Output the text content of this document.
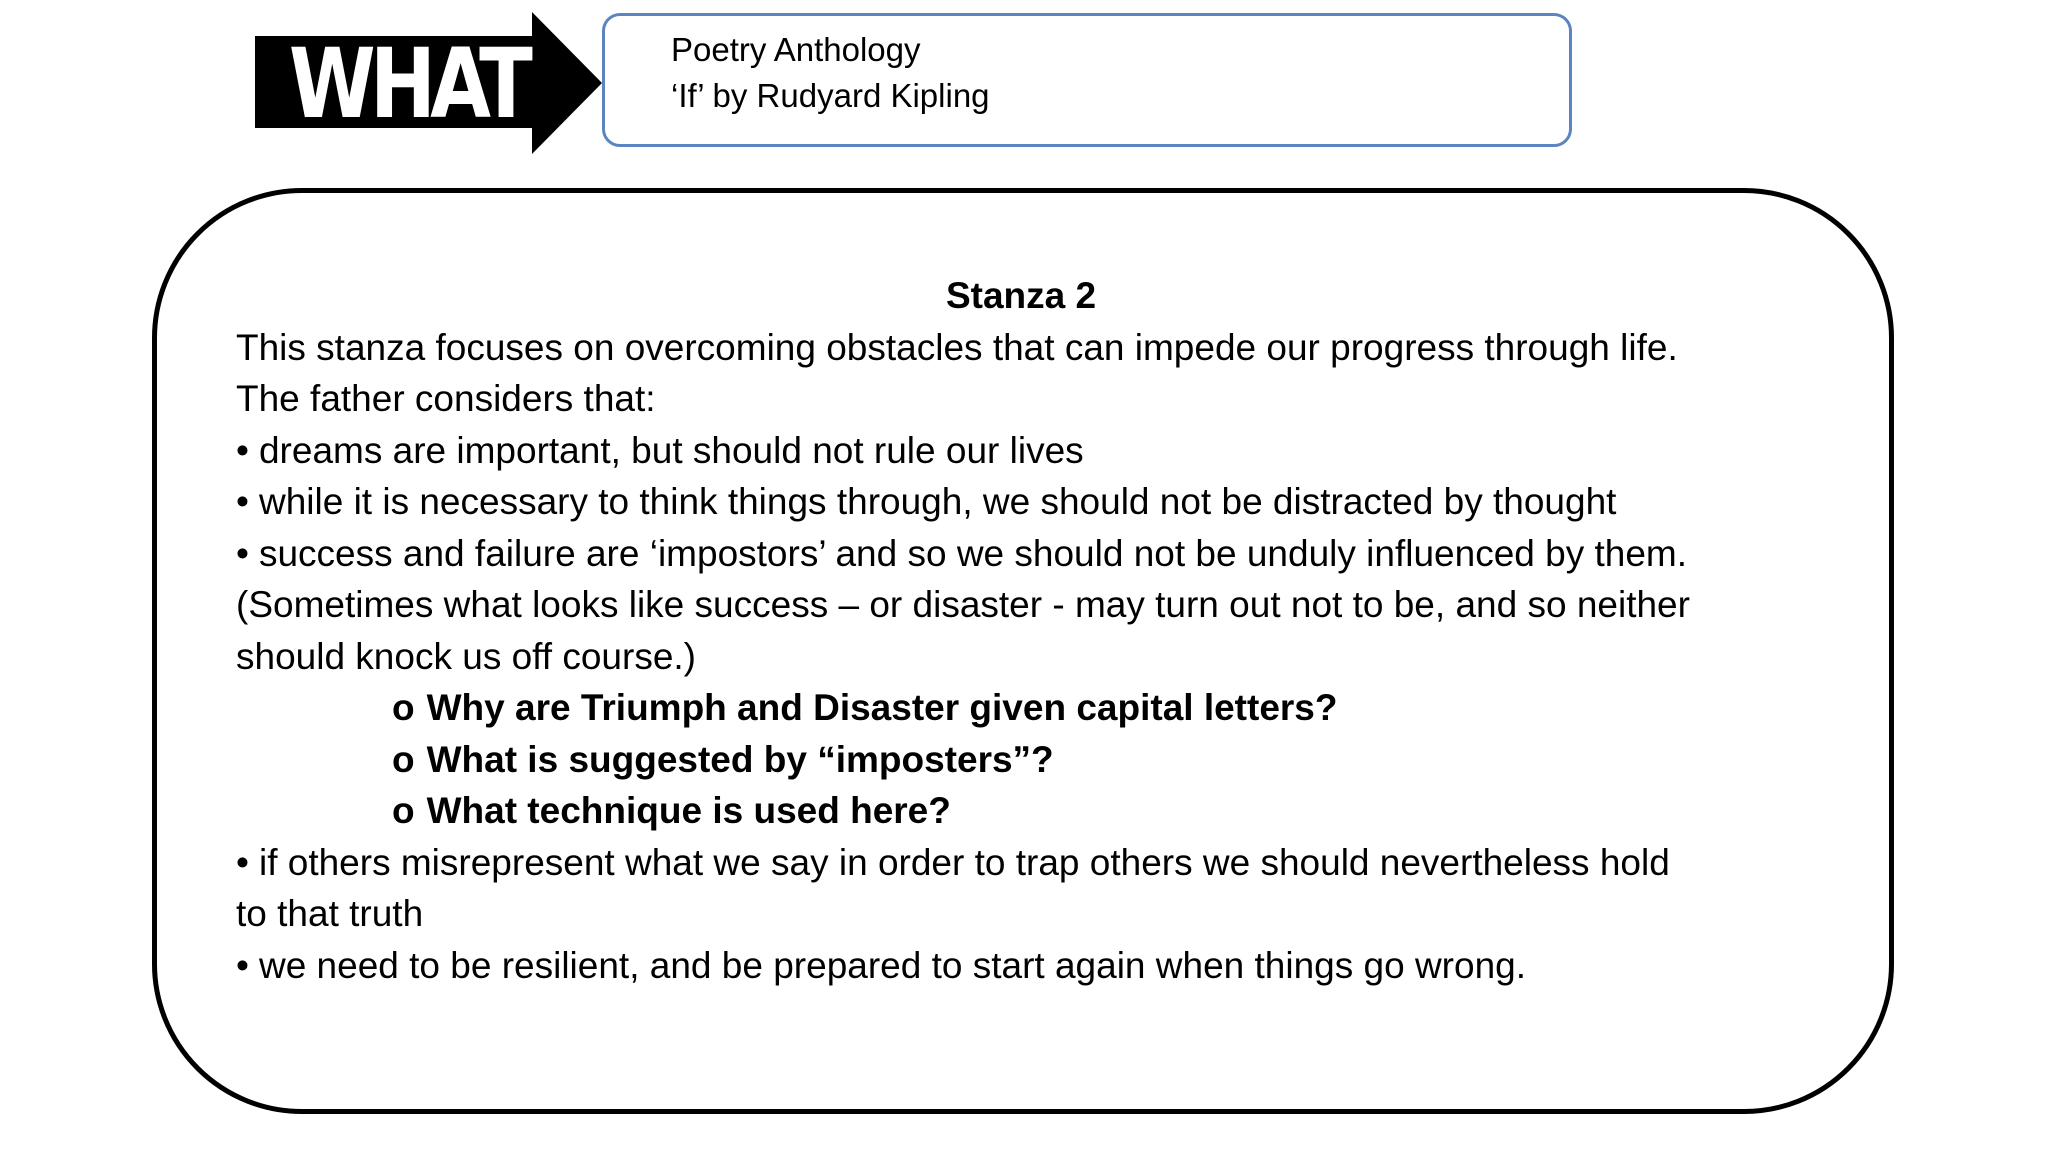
WHAT	Poetry Anthology
‘If’ by Rudyard Kipling
Stanza 2
This stanza focuses on overcoming obstacles that can impede our progress through life.
The father considers that:
• dreams are important, but should not rule our lives
• while it is necessary to think things through, we should not be distracted by thought
• success and failure are ‘impostors’ and so we should not be unduly influenced by them.
(Sometimes what looks like success – or disaster - may turn out not to be, and so neither
should knock us off course.)
o Why are Triumph and Disaster given capital letters?
o What is suggested by “imposters”?
o What technique is used here?
• if others misrepresent what we say in order to trap others we should nevertheless hold
to that truth
• we need to be resilient, and be prepared to start again when things go wrong.
